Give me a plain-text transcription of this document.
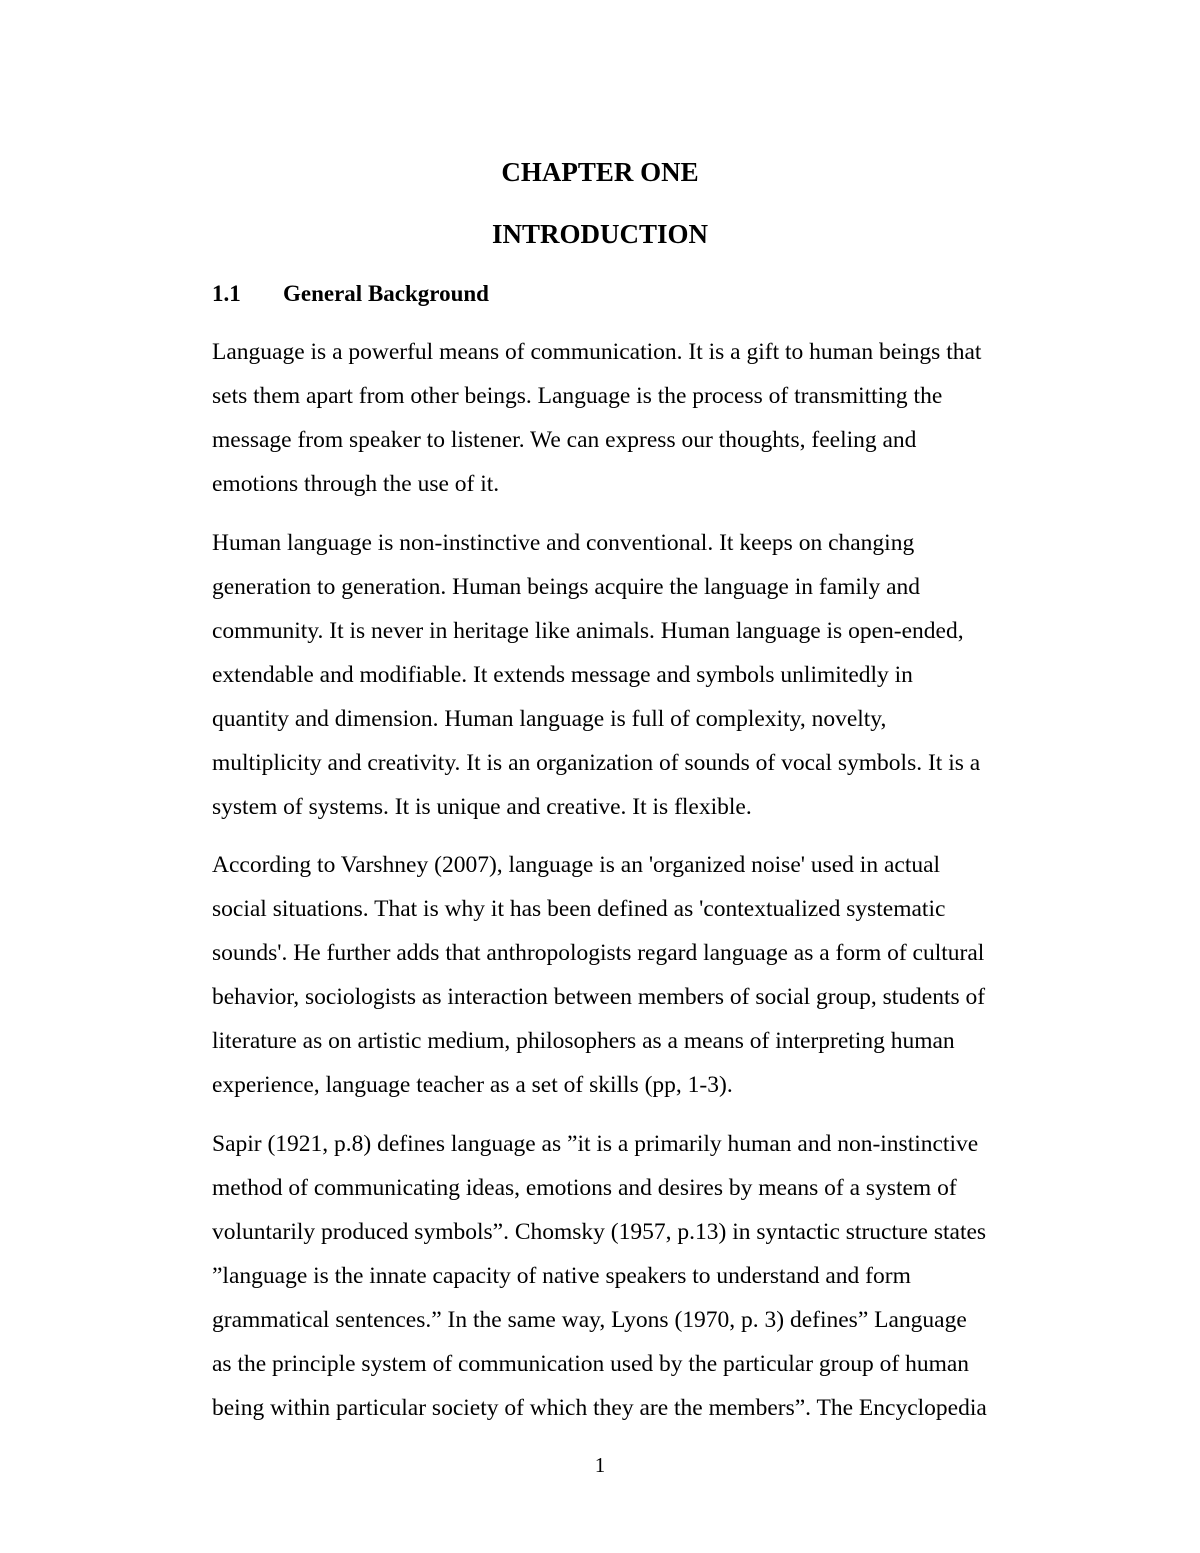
CHAPTER ONE
INTRODUCTION
1.1 General Background

Language is a powerful means of communication. It is a gift to human beings that
sets them apart from other beings. Language is the process of transmitting the
message from speaker to listener. We can express our thoughts, feeling and
emotions through the use of it.

Human language is non-instinctive and conventional. It keeps on changing
generation to generation. Human beings acquire the language in family and
community. It is never in heritage like animals. Human language is open-ended,
extendable and modifiable. It extends message and symbols unlimitedly in
quantity and dimension. Human language is full of complexity, novelty,
multiplicity and creativity. It is an organization of sounds of vocal symbols. It is a
system of systems. It is unique and creative. It is flexible.

According to Varshney (2007), language is an 'organized noise' used in actual
social situations. That is why it has been defined as 'contextualized systematic
sounds'. He further adds that anthropologists regard language as a form of cultural
behavior, sociologists as interaction between members of social group, students of
literature as on artistic medium, philosophers as a means of interpreting human
experience, language teacher as a set of skills (pp, 1-3).

Sapir (1921, p.8) defines language as ”it is a primarily human and non-instinctive
method of communicating ideas, emotions and desires by means of a system of
voluntarily produced symbols”. Chomsky (1957, p.13) in syntactic structure states
”language is the innate capacity of native speakers to understand and form
grammatical sentences.” In the same way, Lyons (1970, p. 3) defines” Language
as the principle system of communication used by the particular group of human
being within particular society of which they are the members”. The Encyclopedia

1
